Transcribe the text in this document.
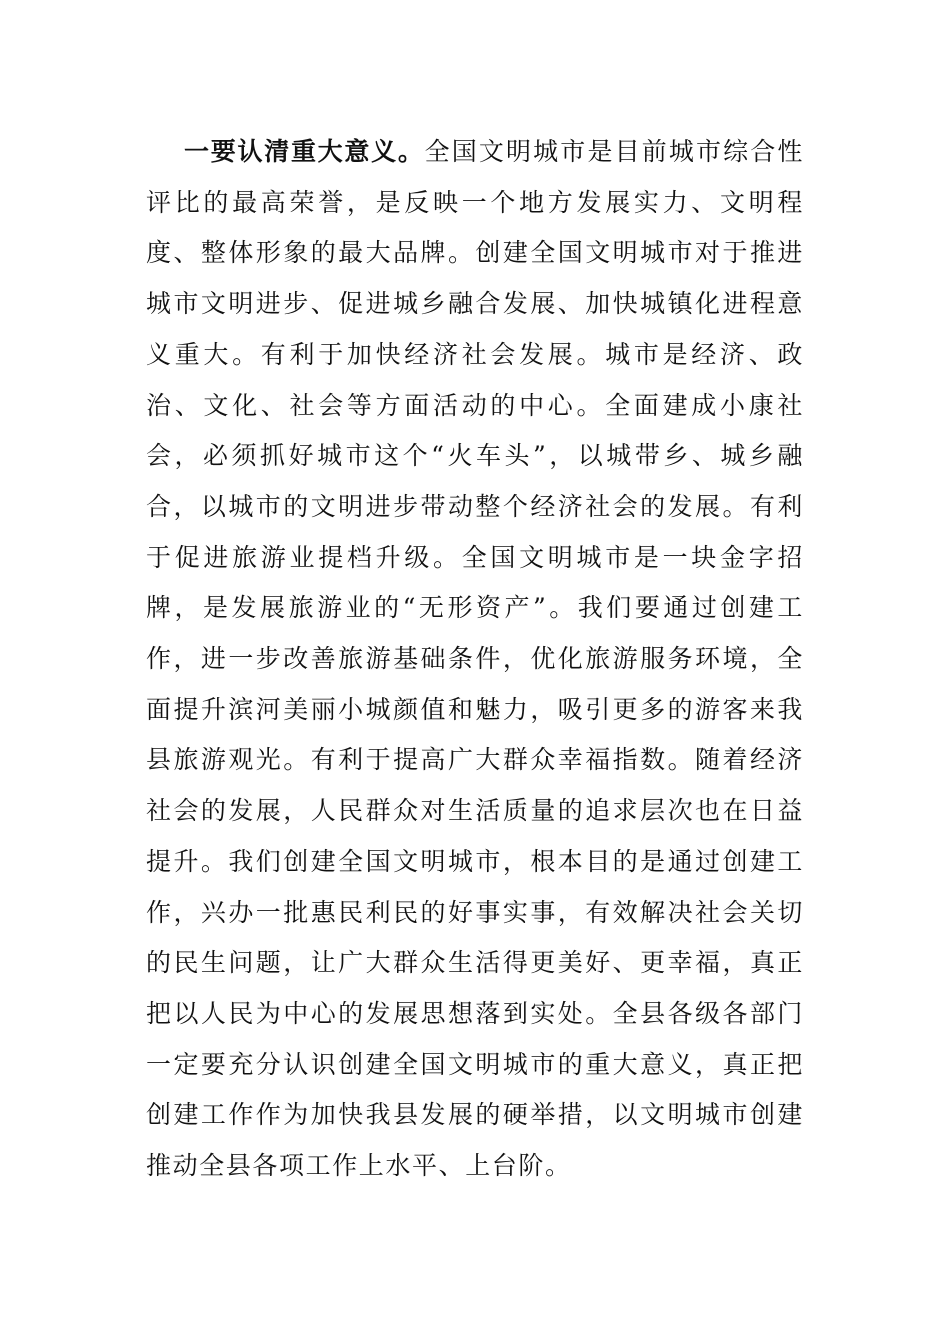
一要认清重大意义。全国文明城市是目前城市综合性评比的最高荣誉，是反映一个地方发展实力、文明程度、整体形象的最大品牌。创建全国文明城市对于推进城市文明进步、促进城乡融合发展、加快城镇化进程意义重大。有利于加快经济社会发展。城市是经济、政治、文化、社会等方面活动的中心。全面建成小康社会，必须抓好城市这个“火车头”，以城带乡、城乡融合，以城市的文明进步带动整个经济社会的发展。有利于促进旅游业提档升级。全国文明城市是一块金字招牌，是发展旅游业的“无形资产”。我们要通过创建工作，进一步改善旅游基础条件，优化旅游服务环境，全面提升滨河美丽小城颜值和魅力，吸引更多的游客来我县旅游观光。有利于提高广大群众幸福指数。随着经济社会的发展，人民群众对生活质量的追求层次也在日益提升。我们创建全国文明城市，根本目的是通过创建工作，兴办一批惠民利民的好事实事，有效解决社会关切的民生问题，让广大群众生活得更美好、更幸福，真正把以人民为中心的发展思想落到实处。全县各级各部门一定要充分认识创建全国文明城市的重大意义，真正把创建工作作为加快我县发展的硬举措，以文明城市创建推动全县各项工作上水平、上台阶。
